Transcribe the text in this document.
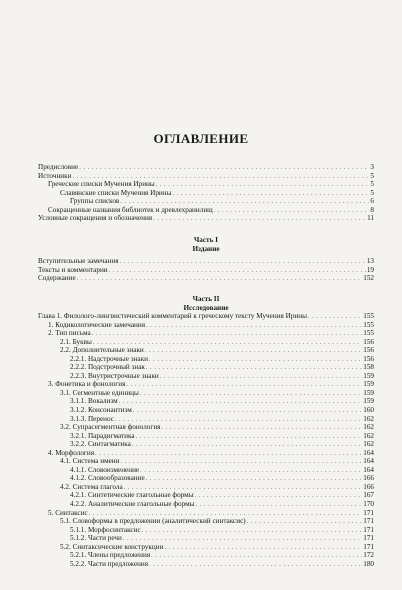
ОГЛАВЛЕНИЕ
Предисловие . . .	3
Источники . . .	5
Греческие списки Мучения Ирины . . .	5
Славянские списки Мучения Ирины . . .	5
Группы списков . . .	6
Сокращенные названия библиотек и древлехранилищ . . .	8
Условные сокращения и обозначения . . .	11
Часть I
Издание
Вступительные замечания . . .	13
Тексты и комментарии . . .	19
Содержание . . .	152
Часть II
Исследование
Глава 1. Филолого-лингвистический комментарий к греческому тексту Мучения Ирины . . .	155
1. Кодикологические замечания . . .	155
2. Тип письма . . .	155
2.1. Буквы . . .	156
2.2. Дополнительные знаки . . .	156
2.2.1. Надстрочные знаки . . .	156
2.2.2. Подстрочный знак . . .	158
2.2.3. Внутристрочные знаки . . .	159
3. Фонетика и фонология . . .	159
3.1. Сегментные единицы . . .	159
3.1.1. Вокализм . . .	159
3.1.2. Консонантизм . . .	160
3.1.3. Перенос . . .	162
3.2. Супрасегментная фонология . . .	162
3.2.1. Парадигматика . . .	162
3.2.2. Синтагматика . . .	162
4. Морфология . . .	164
4.1. Система имени . . .	164
4.1.1. Словоизменение . . .	164
4.1.2. Словообразование . . .	166
4.2. Система глагола . . .	166
4.2.1. Синтетические глагольные формы . . .	167
4.2.2. Аналитические глагольные формы . . .	170
5. Синтаксис . . .	171
5.1. Словоформы в предложении (аналитический синтаксис) . . .	171
5.1.1. Морфосинтаксис . . .	171
5.1.2. Части речи . . .	171
5.2. Синтаксические конструкции . . .	171
5.2.1. Члены предложения . . .	172
5.2.2. Части предложения . . .	180
